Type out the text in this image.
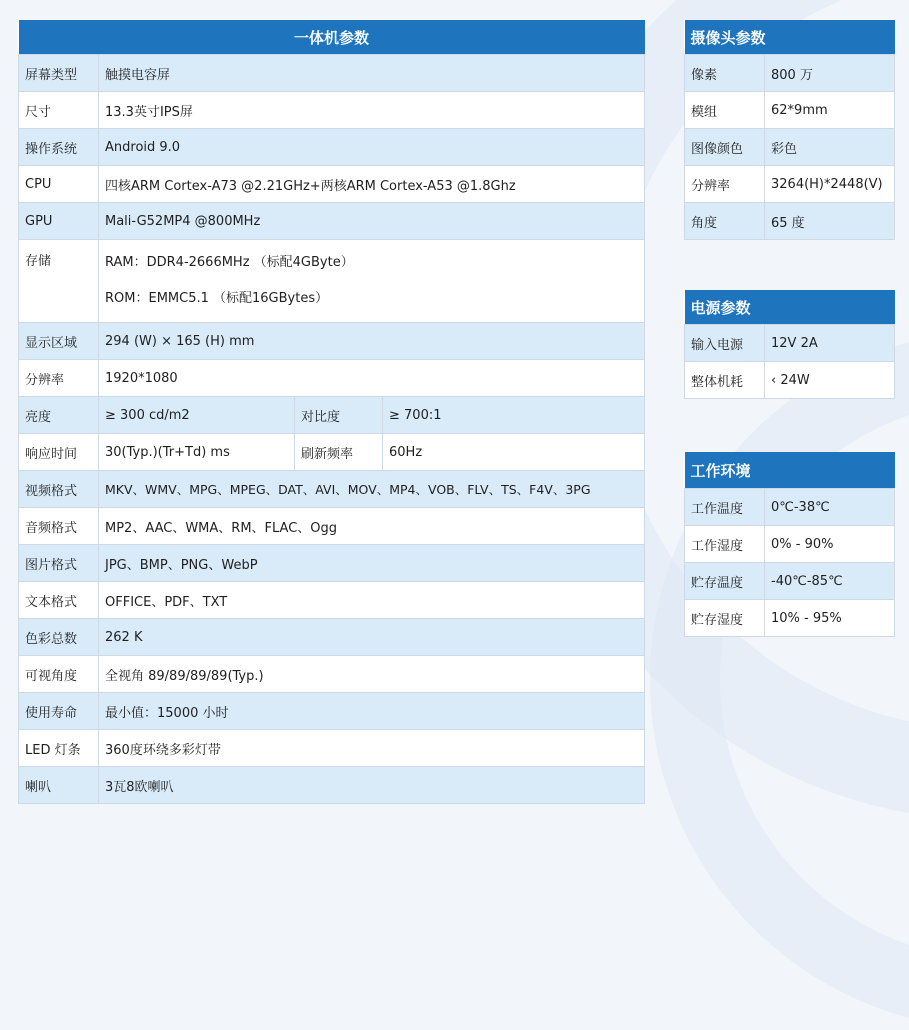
一体机参数			
屏幕类型	触摸电容屏		
尺寸	13.3英寸IPS屏		
操作系统	Android 9.0		
CPU	四核ARM Cortex-A73 @2.21GHz+两核ARM Cortex-A53 @1.8Ghz		
GPU	Mali-G52MP4 @800MHz		
存储	RAM：DDR4-2666MHz （标配4GByte）
ROM：EMMC5.1 （标配16GBytes）		

显示区域	294 (W) × 165 (H) mm		
分辨率	1920*1080		
亮度	≥ 300 cd/m2	对比度	≥ 700:1
响应时间	30(Typ.)(Tr+Td) ms	刷新频率	60Hz
视频格式	MKV、WMV、MPG、MPEG、DAT、AVI、MOV、MP4、VOB、FLV、TS、F4V、3PG		
音频格式	MP2、AAC、WMA、RM、FLAC、Ogg		
图片格式	JPG、BMP、PNG、WebP		
文本格式	OFFICE、PDF、TXT		
色彩总数	262 K		
可视角度	全视角 89/89/89/89(Typ.)		
使用寿命	最小值：15000 小时		
LED 灯条	360度环绕多彩灯带		
喇叭	3瓦8欧喇叭		
摄像头参数	
像素	800 万
模组	62*9mm
图像颜色	彩色
分辨率	3264(H)*2448(V)
角度	65 度
电源参数	
输入电源	12V 2A
整体机耗	‹ 24W
工作环境	
工作温度	0℃-38℃
工作湿度	0% - 90%
贮存温度	-40℃-85℃
贮存湿度	10% - 95%
